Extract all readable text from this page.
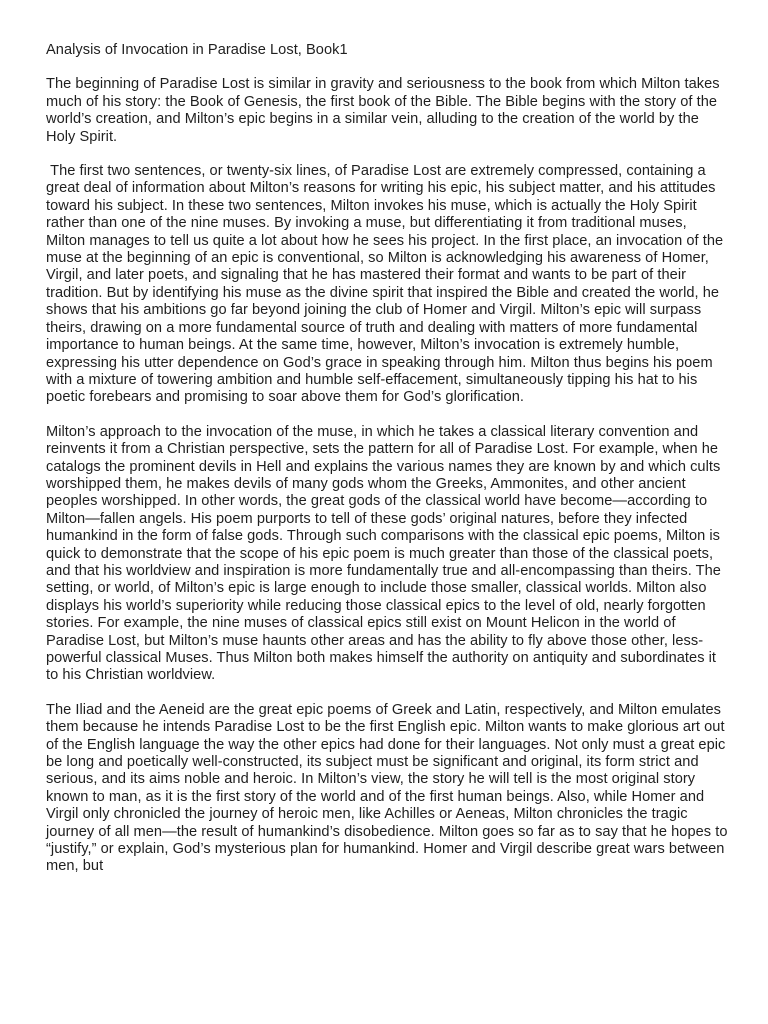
Analysis of Invocation in Paradise Lost, Book1

The beginning of Paradise Lost is similar in gravity and seriousness to the book from which Milton takes much of his story: the Book of Genesis, the first book of the Bible. The Bible begins with the story of the world’s creation, and Milton’s epic begins in a similar vein, alluding to the creation of the world by the Holy Spirit.

The first two sentences, or twenty-six lines, of Paradise Lost are extremely compressed, containing a great deal of information about Milton’s reasons for writing his epic, his subject matter, and his attitudes toward his subject. In these two sentences, Milton invokes his muse, which is actually the Holy Spirit rather than one of the nine muses. By invoking a muse, but differentiating it from traditional muses, Milton manages to tell us quite a lot about how he sees his project. In the first place, an invocation of the muse at the beginning of an epic is conventional, so Milton is acknowledging his awareness of Homer, Virgil, and later poets, and signaling that he has mastered their format and wants to be part of their tradition. But by identifying his muse as the divine spirit that inspired the Bible and created the world, he shows that his ambitions go far beyond joining the club of Homer and Virgil. Milton’s epic will surpass theirs, drawing on a more fundamental source of truth and dealing with matters of more fundamental importance to human beings. At the same time, however, Milton’s invocation is extremely humble, expressing his utter dependence on God’s grace in speaking through him. Milton thus begins his poem with a mixture of towering ambition and humble self-effacement, simultaneously tipping his hat to his poetic forebears and promising to soar above them for God’s glorification.

Milton’s approach to the invocation of the muse, in which he takes a classical literary convention and reinvents it from a Christian perspective, sets the pattern for all of Paradise Lost. For example, when he catalogs the prominent devils in Hell and explains the various names they are known by and which cults worshipped them, he makes devils of many gods whom the Greeks, Ammonites, and other ancient peoples worshipped. In other words, the great gods of the classical world have become—according to Milton—fallen angels. His poem purports to tell of these gods’ original natures, before they infected humankind in the form of false gods. Through such comparisons with the classical epic poems, Milton is quick to demonstrate that the scope of his epic poem is much greater than those of the classical poets, and that his worldview and inspiration is more fundamentally true and all-encompassing than theirs. The setting, or world, of Milton’s epic is large enough to include those smaller, classical worlds. Milton also displays his world’s superiority while reducing those classical epics to the level of old, nearly forgotten stories. For example, the nine muses of classical epics still exist on Mount Helicon in the world of Paradise Lost, but Milton’s muse haunts other areas and has the ability to fly above those other, less-powerful classical Muses. Thus Milton both makes himself the authority on antiquity and subordinates it to his Christian worldview.

The Iliad and the Aeneid are the great epic poems of Greek and Latin, respectively, and Milton emulates them because he intends Paradise Lost to be the first English epic. Milton wants to make glorious art out of the English language the way the other epics had done for their languages. Not only must a great epic be long and poetically well-constructed, its subject must be significant and original, its form strict and serious, and its aims noble and heroic. In Milton’s view, the story he will tell is the most original story known to man, as it is the first story of the world and of the first human beings. Also, while Homer and Virgil only chronicled the journey of heroic men, like Achilles or Aeneas, Milton chronicles the tragic journey of all men—the result of humankind’s disobedience. Milton goes so far as to say that he hopes to “justify,” or explain, God’s mysterious plan for humankind. Homer and Virgil describe great wars between men, but
